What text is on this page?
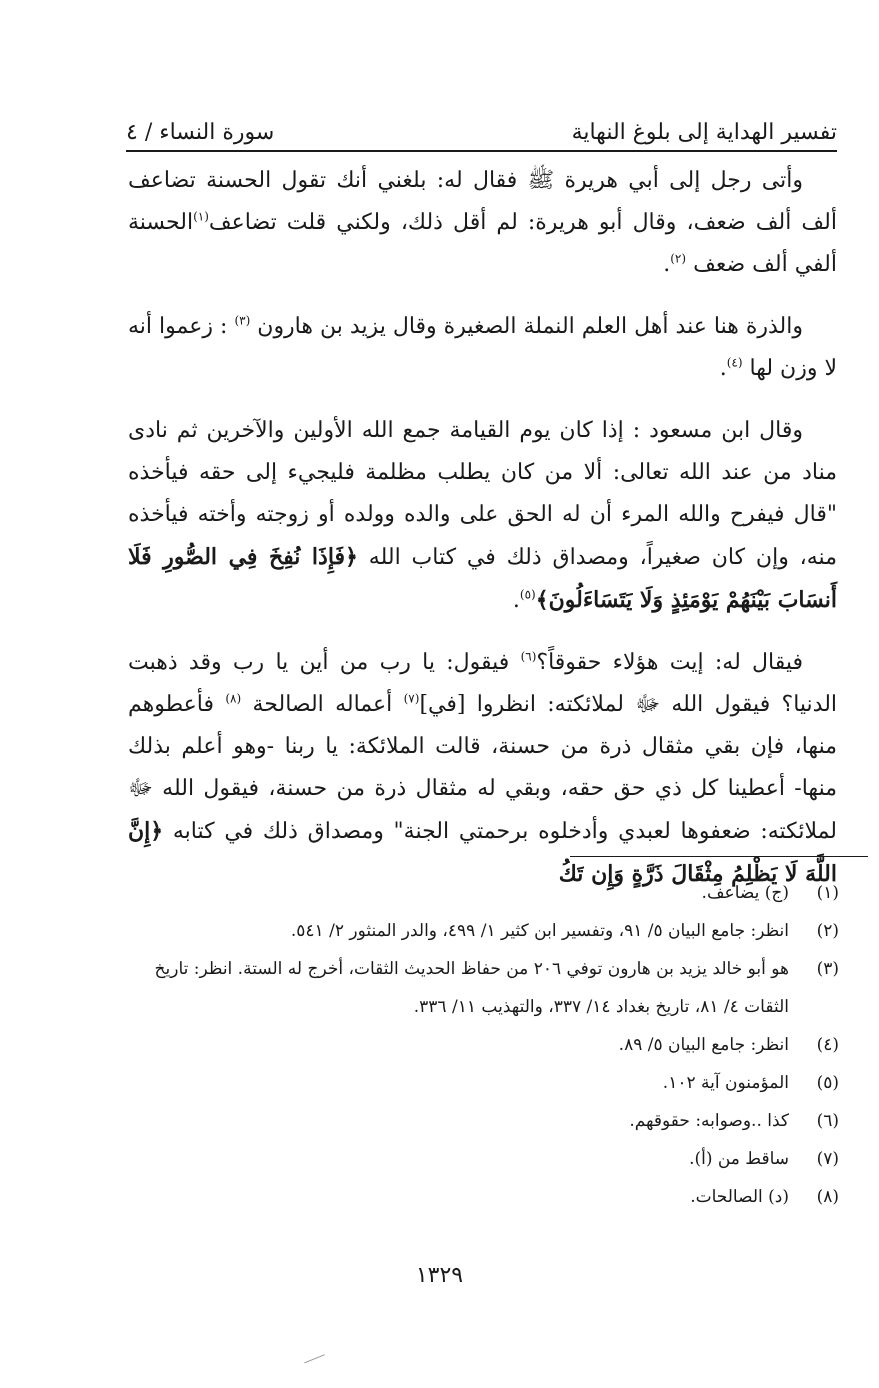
تفسير الهداية إلى بلوغ النهاية
سورة النساء / ٤

وأتى رجل إلى أبي هريرة ﷺ فقال له: بلغني أنك تقول الحسنة تضاعف ألف ألف ضعف، وقال أبو هريرة: لم أقل ذلك، ولكني قلت تضاعف$^{(١)}$الحسنة ألفي ألف ضعف $^{(٢)}$.

والذرة هنا عند أهل العلم النملة الصغيرة وقال يزيد بن هارون $^{(٣)}$ : زعموا أنه لا وزن لها $^{(٤)}$.

وقال ابن مسعود : إذا كان يوم القيامة جمع الله الأولين والآخرين ثم نادى مناد من عند الله تعالى: ألا من كان يطلب مظلمة فليجيء إلى حقه فيأخذه "قال فيفرح والله المرء أن له الحق على والده وولده أو زوجته وأخته فيأخذه منه، وإن كان صغيراً، ومصداق ذلك في كتاب الله ﴿فَإِذَا نُفِخَ فِي الصُّورِ فَلَا أَنسَابَ بَيْنَهُمْ يَوْمَئِذٍ وَلَا يَتَسَاءَلُونَ﴾$^{(٥)}$.

فيقال له: إيت هؤلاء حقوقاً؟$^{(٦)}$ فيقول: يا رب من أين يا رب وقد ذهبت الدنيا؟ فيقول الله ﷻ لملائكته: انظروا [في]$^{(٧)}$ أعماله الصالحة $^{(٨)}$ فأعطوهم منها، فإن بقي مثقال ذرة من حسنة، قالت الملائكة: يا ربنا -وهو أعلم بذلك منها- أعطينا كل ذي حق حقه، وبقي له مثقال ذرة من حسنة، فيقول الله ﷻ لملائكته: ضعفوها لعبدي وأدخلوه برحمتي الجنة" ومصداق ذلك في كتابه ﴿إِنَّ اللَّهَ لَا يَظْلِمُ مِثْقَالَ ذَرَّةٍ وَإِن تَكُ

(١)
(ج) يضاعف.
(٢)
انظر: جامع البيان ٥/ ٩١، وتفسير ابن كثير ١/ ٤٩٩، والدر المنثور ٢/ ٥٤١.
(٣)
هو أبو خالد يزيد بن هارون توفي ٢٠٦ من حفاظ الحديث الثقات، أخرج له الستة. انظر: تاريخ الثقات ٤/ ٨١، تاريخ بغداد ١٤/ ٣٣٧، والتهذيب ١١/ ٣٣٦.
(٤)
انظر: جامع البيان ٥/ ٨٩.
(٥)
المؤمنون آية ١٠٢.
(٦)
كذا ..وصوابه: حقوقهم.
(٧)
ساقط من (أ).
(٨)
(د) الصالحات.
١٣٢٩
